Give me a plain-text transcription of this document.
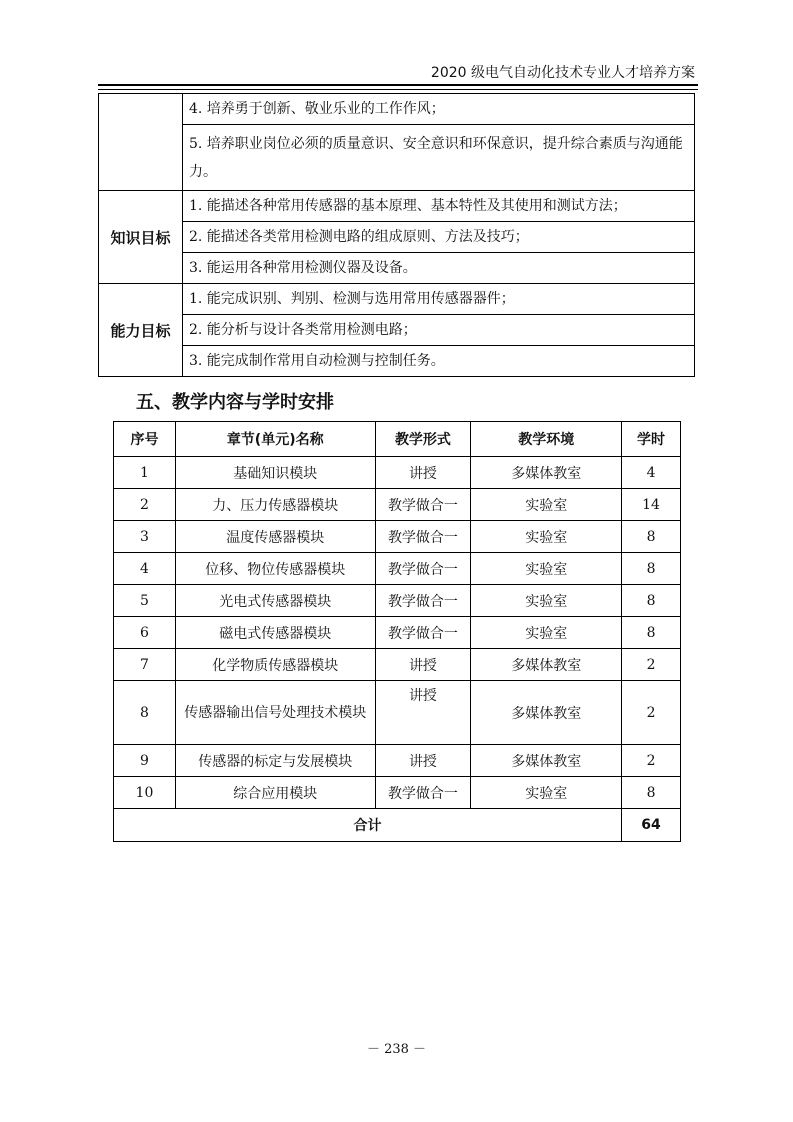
2020 级电气自动化技术专业人才培养方案
	4. 培养勇于创新、敬业乐业的工作作风；
	5. 培养职业岗位必须的质量意识、安全意识和环保意识，提升综合素质与沟通能力。
知识目标	1. 能描述各种常用传感器的基本原理、基本特性及其使用和测试方法；
	2. 能描述各类常用检测电路的组成原则、方法及技巧；
	3. 能运用各种常用检测仪器及设备。
能力目标	1. 能完成识别、判别、检测与选用常用传感器器件；
	2. 能分析与设计各类常用检测电路；
	3. 能完成制作常用自动检测与控制任务。
五、教学内容与学时安排
序号	章节(单元)名称	教学形式	教学环境	学时
1	基础知识模块	讲授	多媒体教室	4
2	力、压力传感器模块	教学做合一	实验室	14
3	温度传感器模块	教学做合一	实验室	8
4	位移、物位传感器模块	教学做合一	实验室	8
5	光电式传感器模块	教学做合一	实验室	8
6	磁电式传感器模块	教学做合一	实验室	8
7	化学物质传感器模块	讲授	多媒体教室	2
8	传感器输出信号处理技术模块	讲授	多媒体教室	2
9	传感器的标定与发展模块	讲授	多媒体教室	2
10	综合应用模块	教学做合一	实验室	8
合计				64
－ 238 －
